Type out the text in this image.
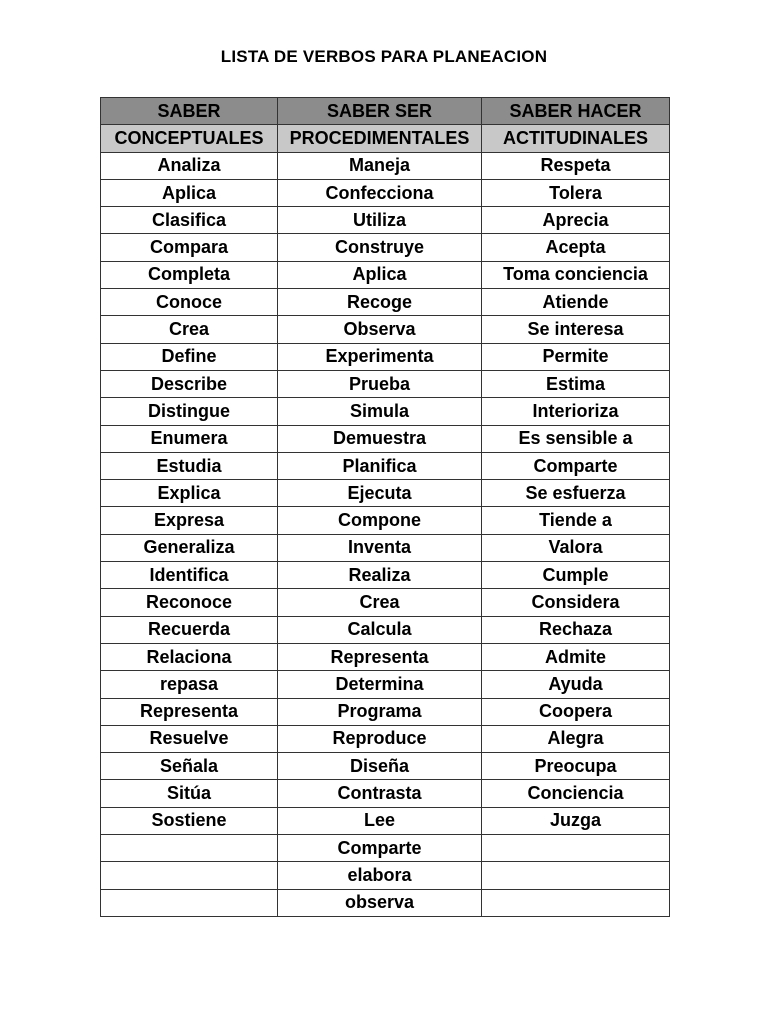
LISTA DE VERBOS PARA PLANEACION
SABER	SABER SER	SABER HACER
CONCEPTUALES	PROCEDIMENTALES	ACTITUDINALES
Analiza	Maneja	Respeta
Aplica	Confecciona	Tolera
Clasifica	Utiliza	Aprecia
Compara	Construye	Acepta
Completa	Aplica	Toma conciencia
Conoce	Recoge	Atiende
Crea	Observa	Se interesa
Define	Experimenta	Permite
Describe	Prueba	Estima
Distingue	Simula	Interioriza
Enumera	Demuestra	Es sensible a
Estudia	Planifica	Comparte
Explica	Ejecuta	Se esfuerza
Expresa	Compone	Tiende a
Generaliza	Inventa	Valora
Identifica	Realiza	Cumple
Reconoce	Crea	Considera
Recuerda	Calcula	Rechaza
Relaciona	Representa	Admite
repasa	Determina	Ayuda
Representa	Programa	Coopera
Resuelve	Reproduce	Alegra
Señala	Diseña	Preocupa
Sitúa	Contrasta	Conciencia
Sostiene	Lee	Juzga
	Comparte	
	elabora	
	observa	
